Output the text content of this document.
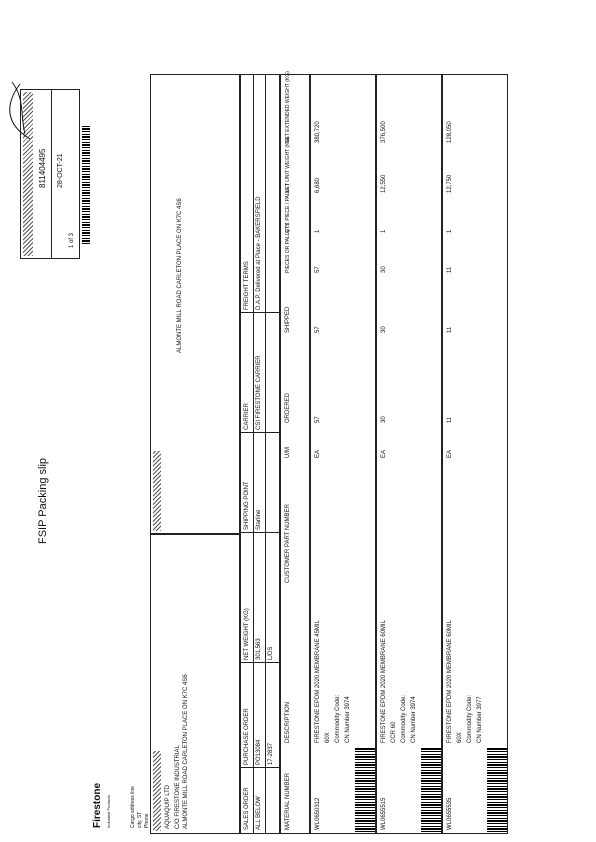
Firestone Industrial Products	Cargo address line city, ST Phone
FSIP Packing slip
811404495 28-OCT-21
1 of 3
AQUAQUIP LTD C/O FIRESTONE INDUSTRIAL ALMONTE MILL ROAD CARLETON PLACE ON K7C 4S6
ALMONTE MILL ROAD CARLETON PLACE ON K7C 4S6
SALES ORDER
PURCHASE ORDER
NET WEIGHT (KG)
SHIPPING POINT
CARRIER
FREIGHT TERMS
ALL BELOW
PO13084
301,563
Starline
CSI FIRESTONE CARRIER
D.A.P. Delivered at Place - BAKERSFIELD
17-2837
L/DS
MATERIAL NUMBER
DESCRIPTION
CUSTOMER PART NUMBER
U/M
ORDERED
SHIPPED
PIECES OR PALLETS
QTY. PIECE / PALLET
NET UNIT WEIGHT (KG)
NET EXTENDED WEIGHT (KG)
WL0650312
FIRESTONE EPDM 2020 MEMBRANE 45MIL 60X Commodity Code: CN Number 3974
EA
57
57
57
1
6,680
380,720
WL0655515
FIRESTONE EPDM 2020 MEMBRANE 60MIL CCR 60 Commodity Code: CN Number 3974
EA
30
30
30
1
12,550
376,500
WL0655535
FIRESTONE EPDM 2020 MEMBRANE 60MIL 60X Commodity Code: CN Number 3977
EA
11
11
11
1
12,750
128,050
